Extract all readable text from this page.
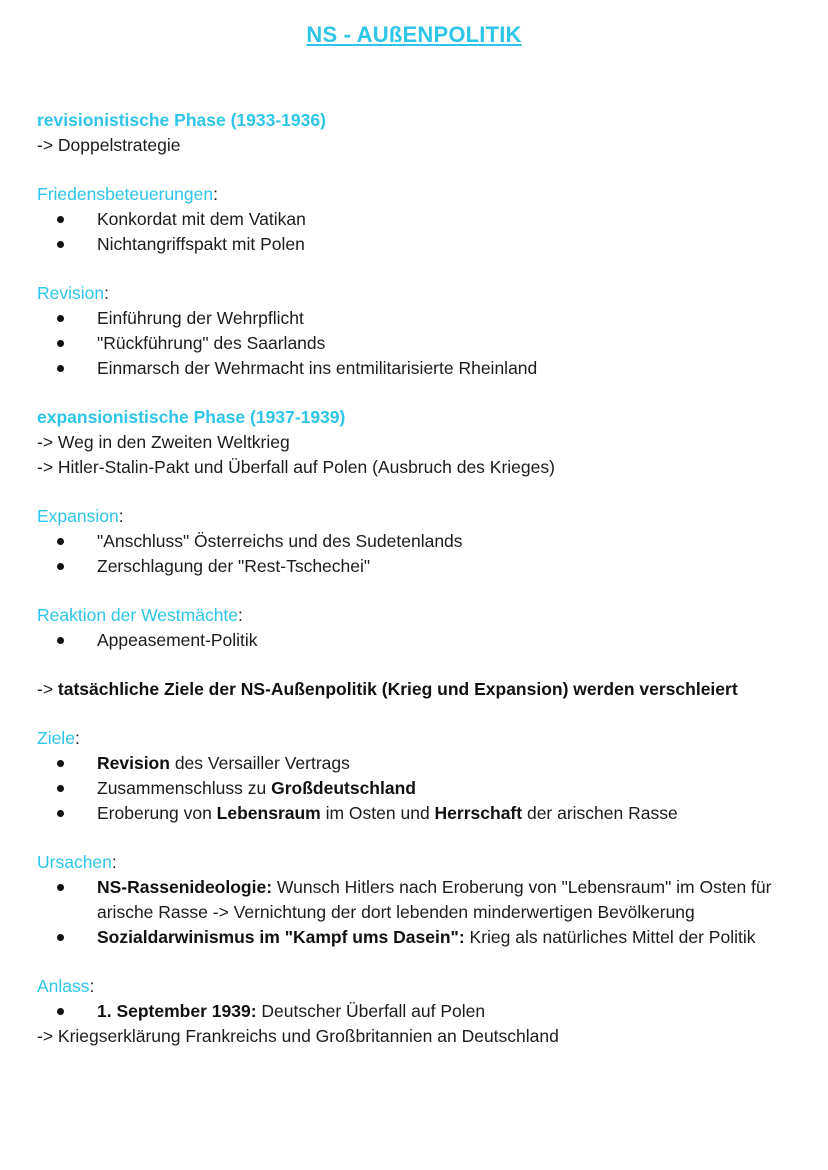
NS - AUßENPOLITIK
revisionistische Phase (1933-1936)
-> Doppelstrategie
Friedensbeteuerungen:
Konkordat mit dem Vatikan
Nichtangriffspakt mit Polen
Revision:
Einführung der Wehrpflicht
"Rückführung" des Saarlands
Einmarsch der Wehrmacht ins entmilitarisierte Rheinland
expansionistische Phase (1937-1939)
-> Weg in den Zweiten Weltkrieg
-> Hitler-Stalin-Pakt und Überfall auf Polen (Ausbruch des Krieges)
Expansion:
"Anschluss" Österreichs und des Sudetenlands
Zerschlagung der "Rest-Tschechei"
Reaktion der Westmächte:
Appeasement-Politik
-> tatsächliche Ziele der NS-Außenpolitik (Krieg und Expansion) werden verschleiert
Ziele:
Revision des Versailler Vertrags
Zusammenschluss zu Großdeutschland
Eroberung von Lebensraum im Osten und Herrschaft der arischen Rasse
Ursachen:
NS-Rassenideologie: Wunsch Hitlers nach Eroberung von "Lebensraum" im Osten für arische Rasse -> Vernichtung der dort lebenden minderwertigen Bevölkerung
Sozialdarwinismus im "Kampf ums Dasein": Krieg als natürliches Mittel der Politik
Anlass:
1. September 1939: Deutscher Überfall auf Polen
-> Kriegserklärung Frankreichs und Großbritannien an Deutschland
